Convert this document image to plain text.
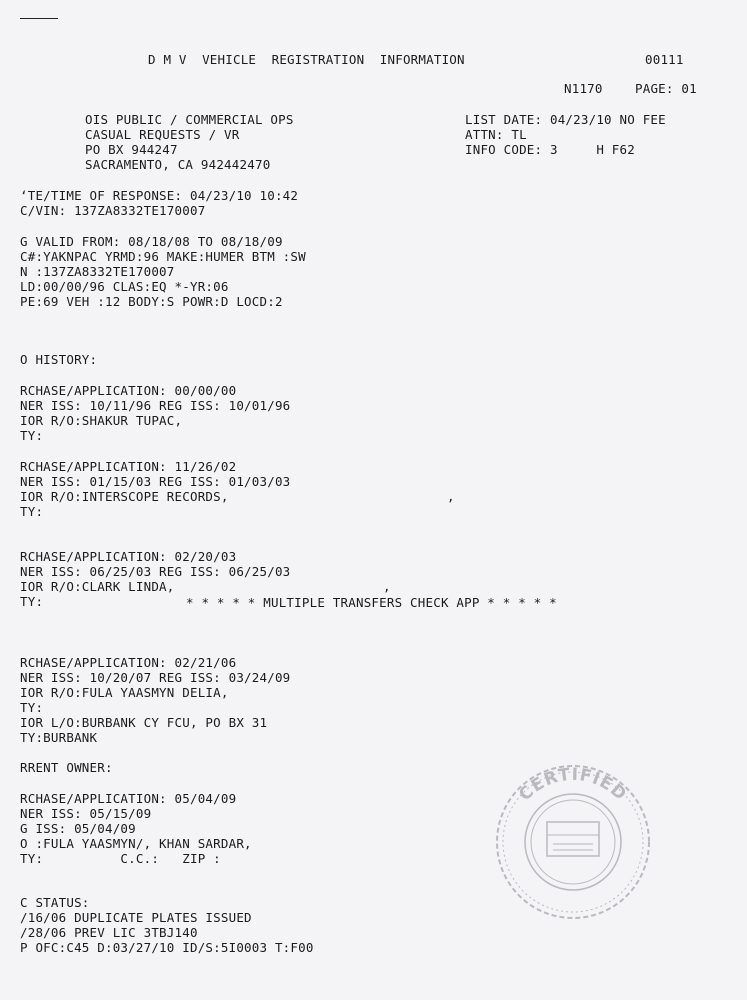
D M V  VEHICLE  REGISTRATION  INFORMATION	00111
N1170	PAGE: 01
OIS PUBLIC / COMMERCIAL OPS
CASUAL REQUESTS / VR
PO BX 944247
SACRAMENTO, CA 942442470
LIST DATE: 04/23/10 NO FEE
ATTN: TL
INFO CODE: 3     H F62
‘TE/TIME OF RESPONSE: 04/23/10 10:42
C/VIN: 137ZA8332TE170007
G VALID FROM: 08/18/08 TO 08/18/09
C#:YAKNPAC YRMD:96 MAKE:HUMER BTM :SW
N :137ZA8332TE170007
LD:00/00/96 CLAS:EQ *-YR:06
PE:69 VEH :12 BODY:S POWR:D LOCD:2
O HISTORY:
RCHASE/APPLICATION: 00/00/00
NER ISS: 10/11/96 REG ISS: 10/01/96
IOR R/O:SHAKUR TUPAC,
TY:
RCHASE/APPLICATION: 11/26/02
NER ISS: 01/15/03 REG ISS: 01/03/03
IOR R/O:INTERSCOPE RECORDS,	,
TY:
RCHASE/APPLICATION: 02/20/03
NER ISS: 06/25/03 REG ISS: 06/25/03
IOR R/O:CLARK LINDA,	,
TY:	* * * * * MULTIPLE TRANSFERS CHECK APP * * * * *
RCHASE/APPLICATION: 02/21/06
NER ISS: 10/20/07 REG ISS: 03/24/09
IOR R/O:FULA YAASMYN DELIA,
TY:
IOR L/O:BURBANK CY FCU, PO BX 31
TY:BURBANK
RRENT OWNER:
RCHASE/APPLICATION: 05/04/09
NER ISS: 05/15/09
G ISS: 05/04/09
O :FULA YAASMYN/, KHAN SARDAR,
TY:          C.C.:   ZIP :
C STATUS:
/16/06 DUPLICATE PLATES ISSUED
/28/06 PREV LIC 3TBJ140
P OFC:C45 D:03/27/10 ID/S:5I0003 T:F00
CERTIFIED
